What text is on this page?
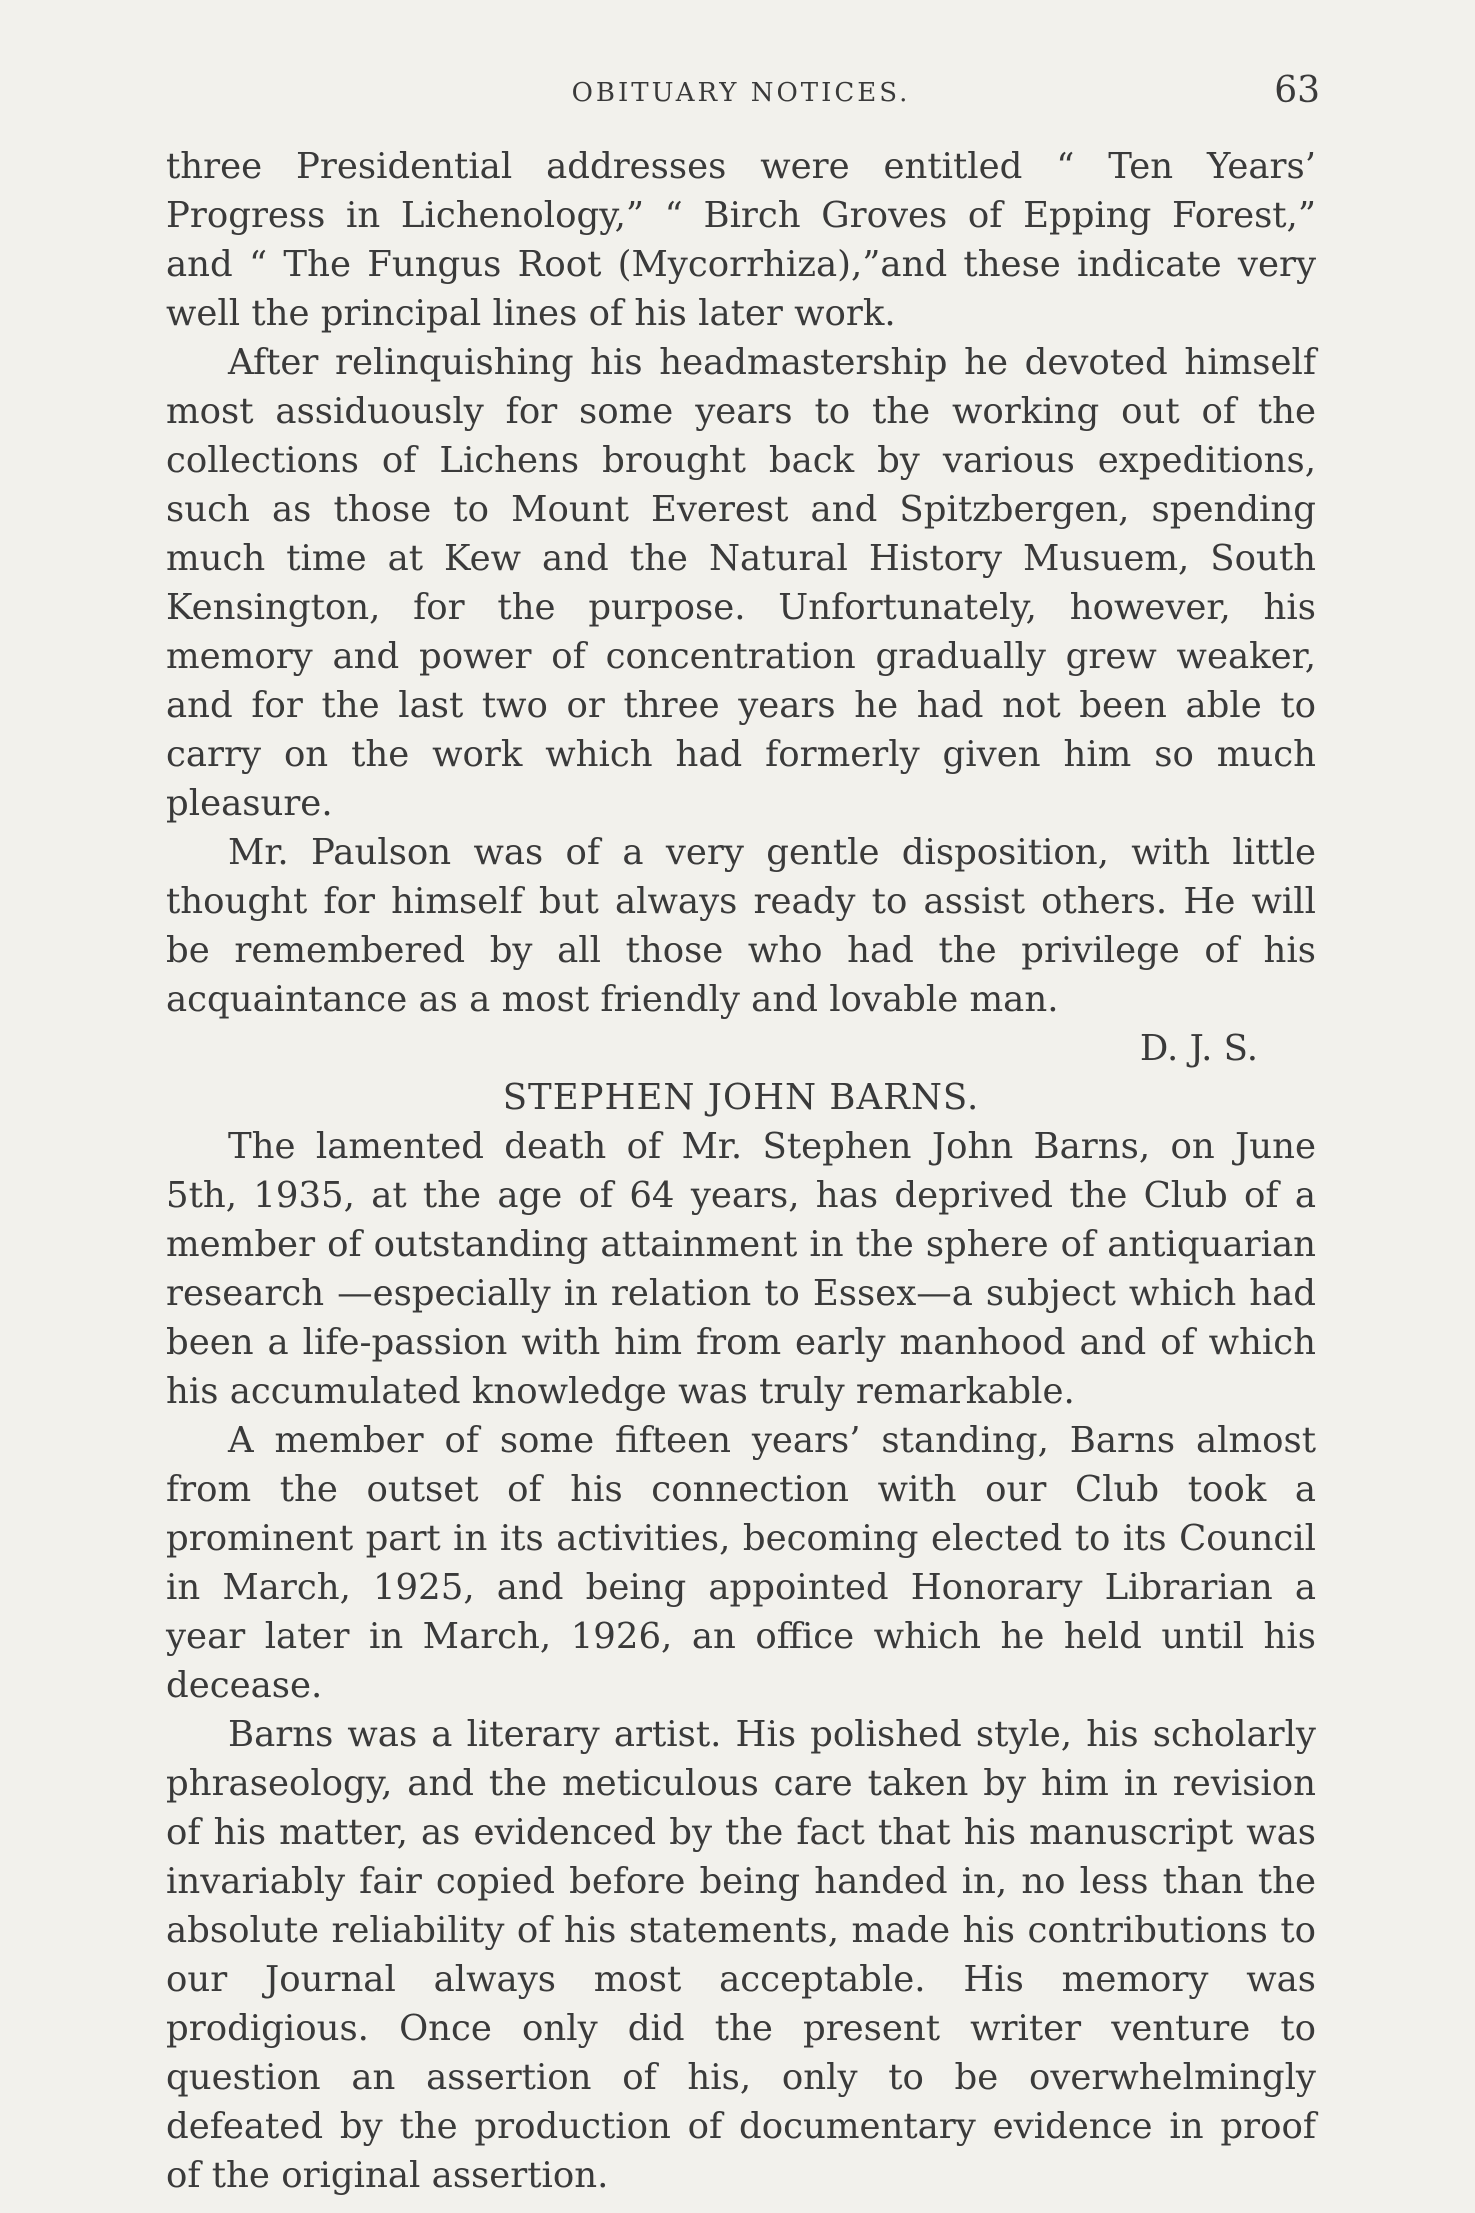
OBITUARY NOTICES.	63

three Presidential addresses were entitled “ Ten Years’ Progress in Lichenology,” “ Birch Groves of Epping Forest,” and “ The Fungus Root (Mycorrhiza),”and these indicate very well the principal lines of his later work.

After relinquishing his headmastership he devoted himself most assiduously for some years to the working out of the collections of Lichens brought back by various expeditions, such as those to Mount Everest and Spitzbergen, spending much time at Kew and the Natural History Musuem, South Kensington, for the purpose. Unfortunately, however, his memory and power of concentration gradually grew weaker, and for the last two or three years he had not been able to carry on the work which had formerly given him so much pleasure.

Mr. Paulson was of a very gentle disposition, with little thought for himself but always ready to assist others. He will be remembered by all those who had the privilege of his acquaintance as a most friendly and lovable man.

D. J. S.
STEPHEN JOHN BARNS.

The lamented death of Mr. Stephen John Barns, on June 5th, 1935, at the age of 64 years, has deprived the Club of a member of outstanding attainment in the sphere of antiquarian research —especially in relation to Essex—a subject which had been a life-passion with him from early manhood and of which his accumulated knowledge was truly remarkable.

A member of some fifteen years’ standing, Barns almost from the outset of his connection with our Club took a prominent part in its activities, becoming elected to its Council in March, 1925, and being appointed Honorary Librarian a year later in March, 1926, an office which he held until his decease.

Barns was a literary artist. His polished style, his scholarly phraseology, and the meticulous care taken by him in revision of his matter, as evidenced by the fact that his manuscript was invariably fair copied before being handed in, no less than the absolute reliability of his statements, made his contributions to our Journal always most acceptable. His memory was prodigious. Once only did the present writer venture to question an assertion of his, only to be overwhelmingly defeated by the production of documentary evidence in proof of the original assertion.
